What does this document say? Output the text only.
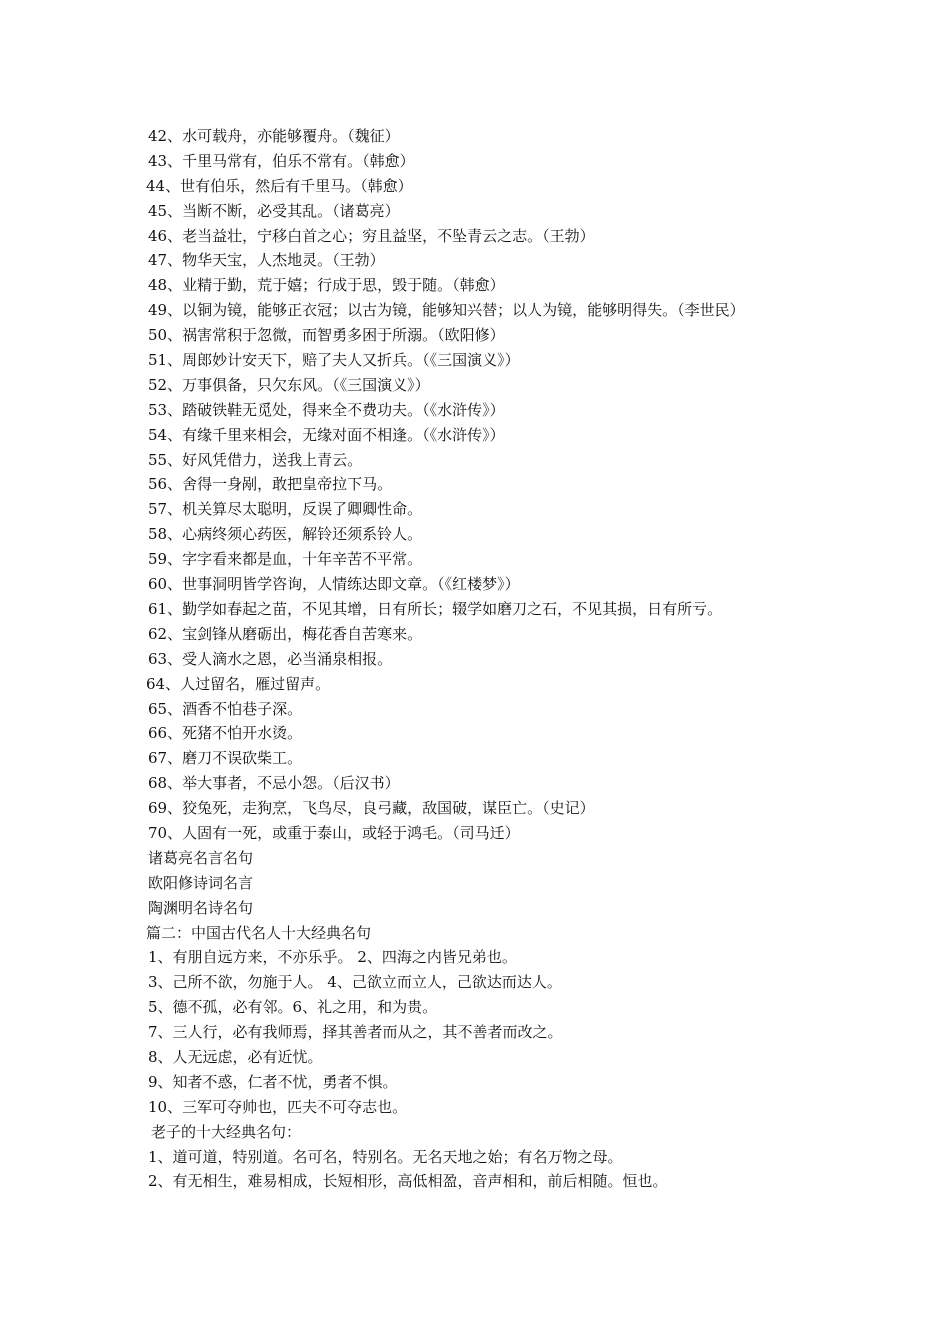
42、水可载舟，亦能够覆舟。（魏征）
43、千里马常有，伯乐不常有。（韩愈）
44、世有伯乐，然后有千里马。（韩愈）
45、当断不断，必受其乱。（诸葛亮）
46、老当益壮，宁移白首之心；穷且益坚，不坠青云之志。（王勃）
47、物华天宝，人杰地灵。（王勃）
48、业精于勤，荒于嬉；行成于思，毁于随。（韩愈）
49、以铜为镜，能够正衣冠；以古为镜，能够知兴替；以人为镜，能够明得失。（李世民）
50、祸害常积于忽微，而智勇多困于所溺。（欧阳修）
51、周郎妙计安天下，赔了夫人又折兵。（《三国演义》）
52、万事俱备，只欠东风。（《三国演义》）
53、踏破铁鞋无觅处，得来全不费功夫。（《水浒传》）
54、有缘千里来相会，无缘对面不相逢。（《水浒传》）
55、好风凭借力，送我上青云。
56、舍得一身剐，敢把皇帝拉下马。
57、机关算尽太聪明，反误了卿卿性命。
58、心病终须心药医，解铃还须系铃人。
59、字字看来都是血，十年辛苦不平常。
60、世事洞明皆学咨询，人情练达即文章。（《红楼梦》）
61、勤学如春起之苗，不见其增，日有所长；辍学如磨刀之石，不见其损，日有所亏。
62、宝剑锋从磨砺出，梅花香自苦寒来。
63、受人滴水之恩，必当涌泉相报。
64、人过留名，雁过留声。
65、酒香不怕巷子深。
66、死猪不怕开水烫。
67、磨刀不误砍柴工。
68、举大事者，不忌小怨。（后汉书）
69、狡兔死，走狗烹，飞鸟尽，良弓藏，敌国破，谋臣亡。（史记）
70、人固有一死，或重于泰山，或轻于鸿毛。（司马迁）
诸葛亮名言名句
欧阳修诗词名言
陶渊明名诗名句
篇二：中国古代名人十大经典名句
1、有朋自远方来，不亦乐乎。 2、四海之内皆兄弟也。
3、己所不欲，勿施于人。 4、己欲立而立人，己欲达而达人。
5、德不孤，必有邻。6、礼之用，和为贵。
7、三人行，必有我师焉，择其善者而从之，其不善者而改之。
8、人无远虑，必有近忧。
9、知者不惑，仁者不忧，勇者不惧。
10、三军可夺帅也，匹夫不可夺志也。
老子的十大经典名句：
1、道可道，特别道。名可名，特别名。无名天地之始；有名万物之母。
2、有无相生，难易相成，长短相形，高低相盈，音声相和，前后相随。恒也。
